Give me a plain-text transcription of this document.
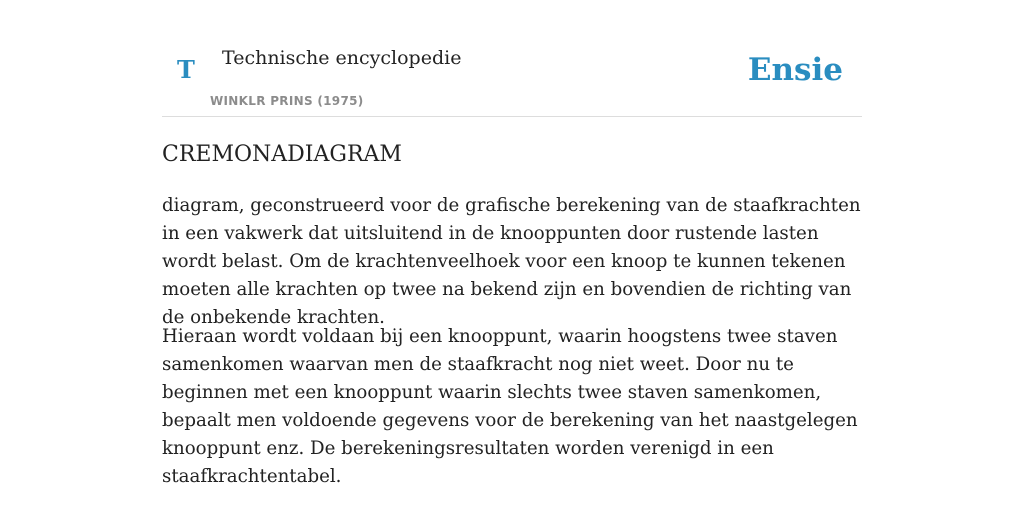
T Technische encyclopedie
WINKLR PRINS (1975)
Ensie
CREMONADIAGRAM

diagram, geconstrueerd voor de grafische berekening van de staafkrachten in een vakwerk dat uitsluitend in de knooppunten door rustende lasten wordt belast. Om de krachtenveelhoek voor een knoop te kunnen tekenen moeten alle krachten op twee na bekend zijn en bovendien de richting van de onbekende krachten.

Hieraan wordt voldaan bij een knooppunt, waarin hoogstens twee staven samenkomen waarvan men de staafkracht nog niet weet. Door nu te beginnen met een knooppunt waarin slechts twee staven samenkomen, bepaalt men voldoende gegevens voor de berekening van het naastgelegen knooppunt enz. De berekeningsresultaten worden verenigd in een staafkrachtentabel.
